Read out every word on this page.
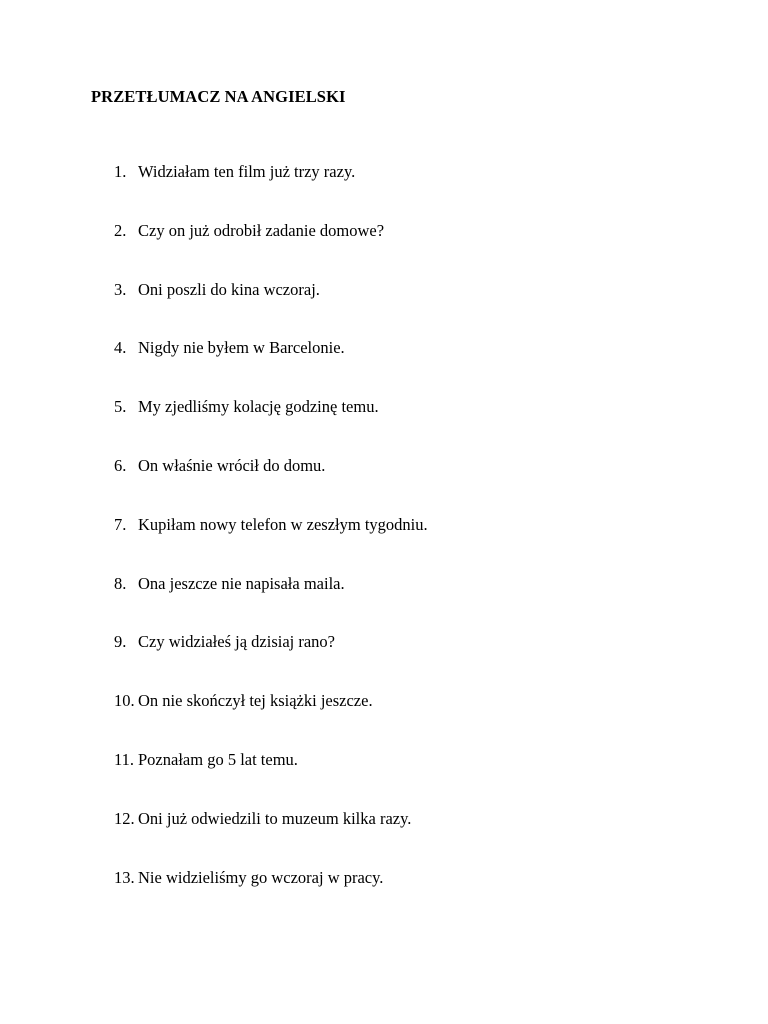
PRZETŁUMACZ NA ANGIELSKI
1. Widziałam ten film już trzy razy.
2. Czy on już odrobił zadanie domowe?
3. Oni poszli do kina wczoraj.
4. Nigdy nie byłem w Barcelonie.
5. My zjedliśmy kolację godzinę temu.
6. On właśnie wrócił do domu.
7. Kupiłam nowy telefon w zeszłym tygodniu.
8. Ona jeszcze nie napisała maila.
9. Czy widziałeś ją dzisiaj rano?
10. On nie skończył tej książki jeszcze.
11. Poznałam go 5 lat temu.
12. Oni już odwiedzili to muzeum kilka razy.
13. Nie widzieliśmy go wczoraj w pracy.
